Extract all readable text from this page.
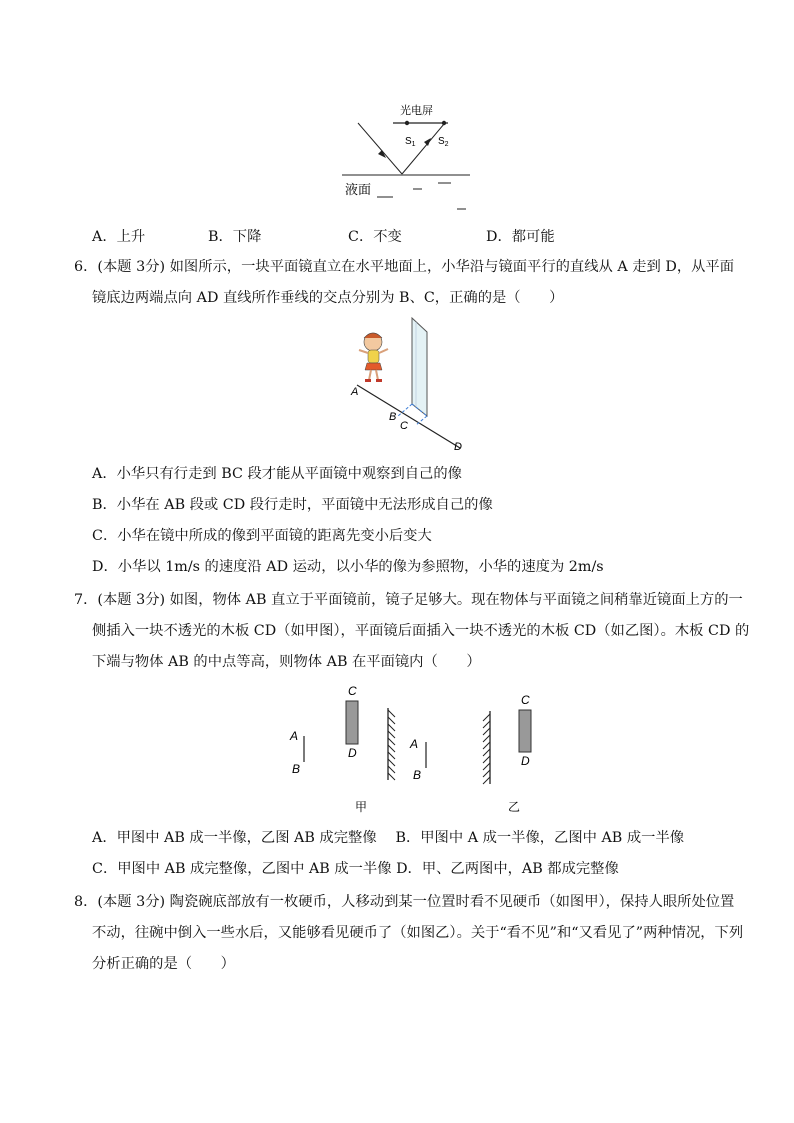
光电屏
$S_1$ $S_2$
液面
A．上升	B．下降	C．不变	D．都可能
6．(本题 3分) 如图所示，一块平面镜直立在水平地面上，小华沿与镜面平行的直线从 A 走到 D，从平面
镜底边两端点向 AD 直线所作垂线的交点分别为 B、C，正确的是（　　）
A
B
C
D
A．小华只有行走到 BC 段才能从平面镜中观察到自己的像
B．小华在 AB 段或 CD 段行走时，平面镜中无法形成自己的像
C．小华在镜中所成的像到平面镜的距离先变小后变大
D．小华以 1m/s 的速度沿 AD 运动，以小华的像为参照物，小华的速度为 2m/s
7．(本题 3分) 如图，物体 AB 直立于平面镜前，镜子足够大。现在物体与平面镜之间稍靠近镜面上方的一
侧插入一块不透光的木板 CD（如甲图），平面镜后面插入一块不透光的木板 CD（如乙图）。木板 CD 的
下端与物体 AB 的中点等高，则物体 AB 在平面镜内（　　）
A
B
C
D
甲
A
B
C
D
乙
A．甲图中 AB 成一半像，乙图 AB 成完整像　 B．甲图中 A 成一半像，乙图中 AB 成一半像
C．甲图中 AB 成完整像，乙图中 AB 成一半像 D．甲、乙两图中，AB 都成完整像
8．(本题 3分) 陶瓷碗底部放有一枚硬币，人移动到某一位置时看不见硬币（如图甲），保持人眼所处位置
不动，往碗中倒入一些水后，又能够看见硬币了（如图乙）。关于“看不见”和“又看见了”两种情况，下列
分析正确的是（　　）
